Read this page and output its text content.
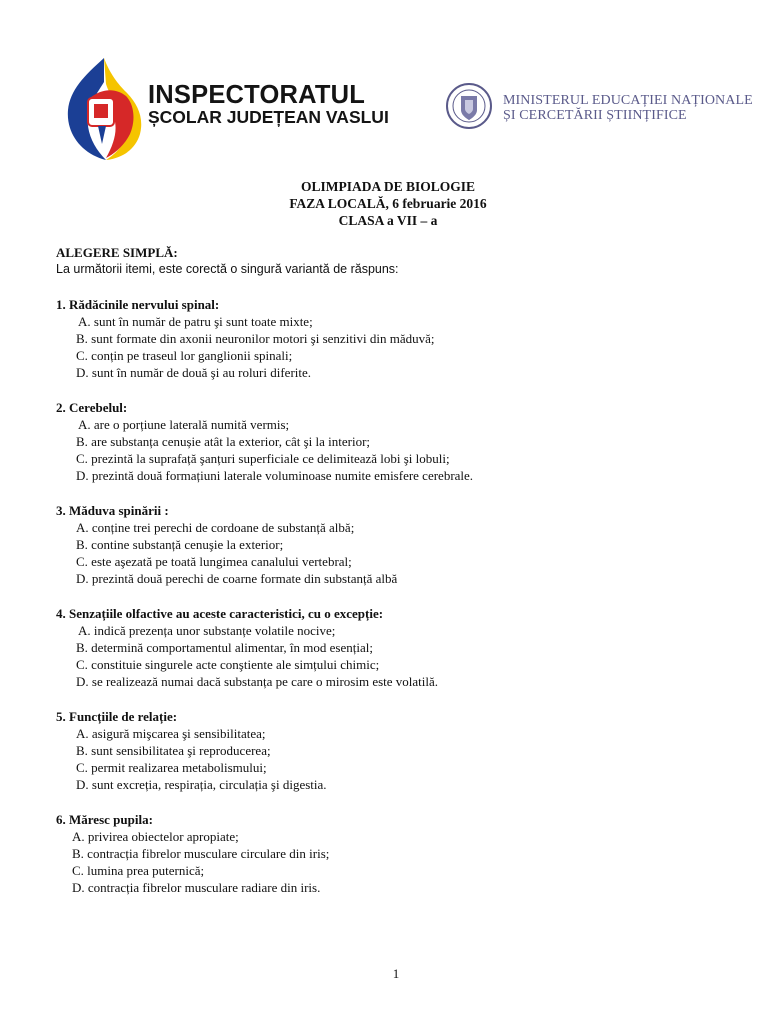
INSPECTORATUL
ȘCOLAR JUDEȚEAN VASLUI
MINISTERUL EDUCAȚIEI NAȚIONALE
ȘI CERCETĂRII ȘTIINȚIFICE
OLIMPIADA DE BIOLOGIE
FAZA LOCALĂ, 6 februarie 2016
CLASA a VII – a
ALEGERE SIMPLĂ:
La următorii itemi, este corectă o singură variantă de răspuns:
1. Rădăcinile nervului spinal:
A. sunt în număr de patru şi sunt toate mixte;
B. sunt formate din axonii neuronilor motori şi senzitivi din măduvă;
C. conțin pe traseul lor ganglionii spinali;
D. sunt în număr de două şi au roluri diferite.
2. Cerebelul:
A. are o porțiune laterală numită vermis;
B. are substanța cenușie atât la exterior, cât şi la interior;
C. prezintă la suprafață şanțuri superficiale ce delimitează lobi şi lobuli;
D. prezintă două formațiuni laterale voluminoase numite emisfere cerebrale.
3. Măduva spinării :
A. conține trei perechi de cordoane de substanță albă;
B. contine substanță cenuşie la exterior;
C. este aşezată pe toată lungimea canalului vertebral;
D. prezintă două perechi de coarne formate din substanță albă
4. Senzațiile olfactive au aceste caracteristici, cu o excepție:
A. indică prezența unor substanțe volatile nocive;
B. determină comportamentul alimentar, în mod esențial;
C. constituie singurele acte conştiente ale simțului chimic;
D. se realizează numai dacă substanța pe care o mirosim este volatilă.
5. Funcțiile de relație:
A. asigură mişcarea şi sensibilitatea;
B. sunt sensibilitatea şi reproducerea;
C. permit realizarea metabolismului;
D. sunt excreția, respirația, circulația şi digestia.
6. Măresc pupila:
A. privirea obiectelor apropiate;
B. contracția fibrelor musculare circulare din iris;
C. lumina prea puternică;
D. contracția fibrelor musculare radiare din iris.
1
